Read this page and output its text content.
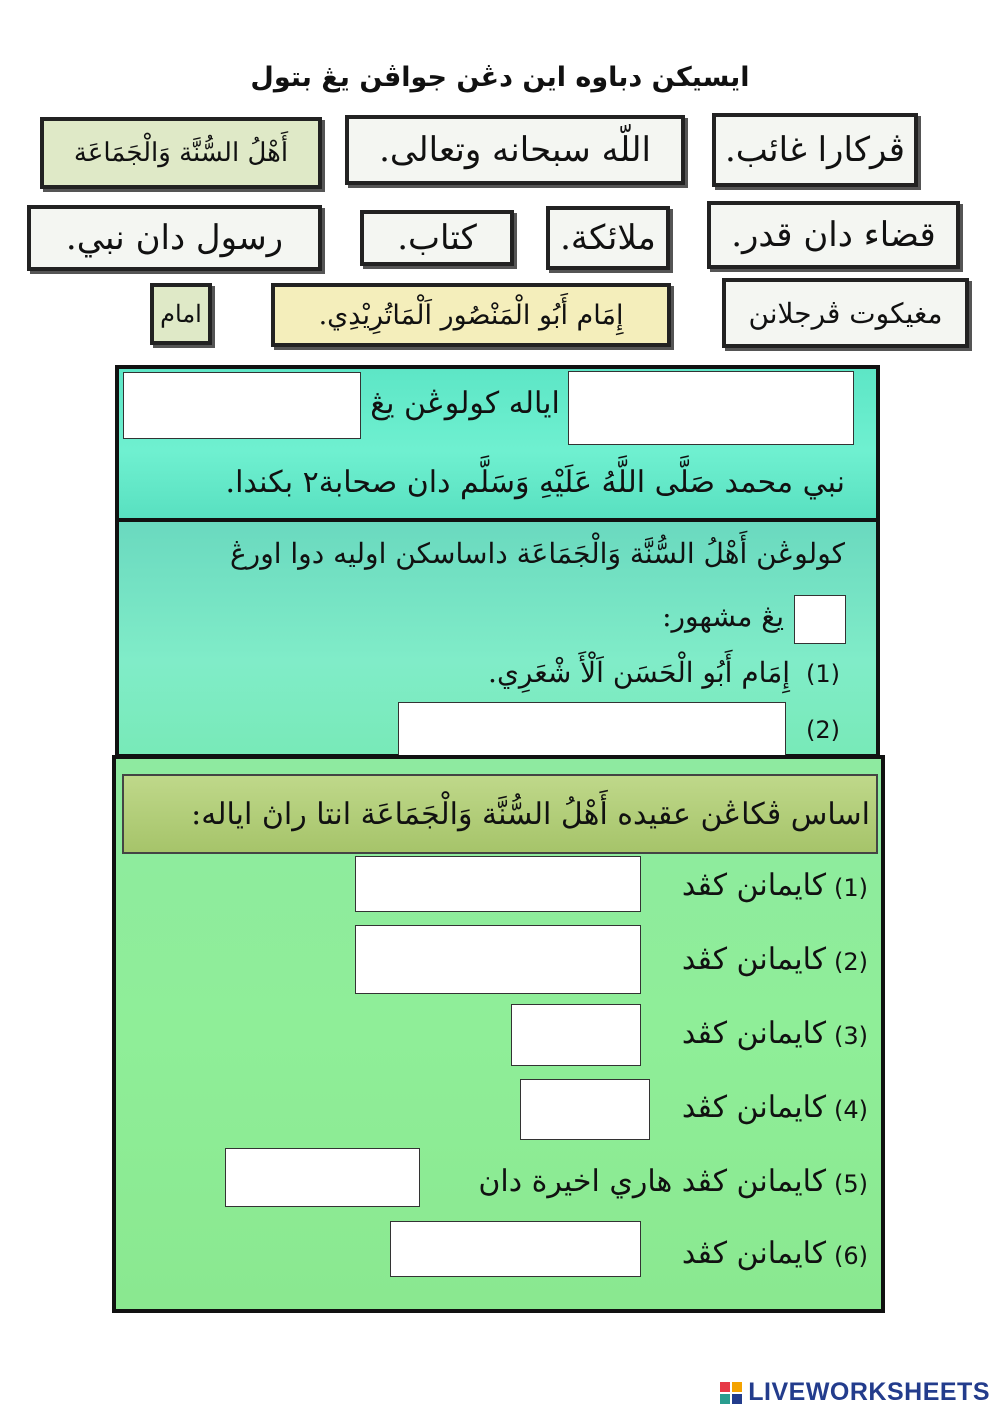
ايسيكن دباوه اين دڠن جواڤن يڠ بتول
أَهْلُ السُّنَّة وَالْجَمَاعَة	اللّه سبحانه وتعالى.	ڤركارا غائب.
رسول دان نبي.	كتاب.	ملائكة.	قضاء دان قدر.
امام	إِمَام أَبُو الْمَنْصُور اَلْمَاتُرِيْدِي.	مغيكوت ڤرجلانن
اياله كولوڠن يڠ
نبي محمد صَلَّى اللَّهُ عَلَيْهِ وَسَلَّم دان صحابة٢ بكندا.
كولوڠن أَهْلُ السُّنَّة وَالْجَمَاعَة داساسكن اوليه دوا اورڠ
يڠ مشهور:
(1)
إِمَام أَبُو الْحَسَن اَلْأَ شْعَرِي.
(2)
اساس ڤكاڠن عقيده أَهْلُ السُّنَّة وَالْجَمَاعَة انتا راڽ اياله:
(1)
كايمانن كڤد
(2)
كايمانن كڤد
(3)
كايمانن كڤد
(4)
كايمانن كڤد
(5)
كايمانن كڤد هاري اخيرة دان
(6)
كايمانن كڤد
LIVEWORKSHEETS
